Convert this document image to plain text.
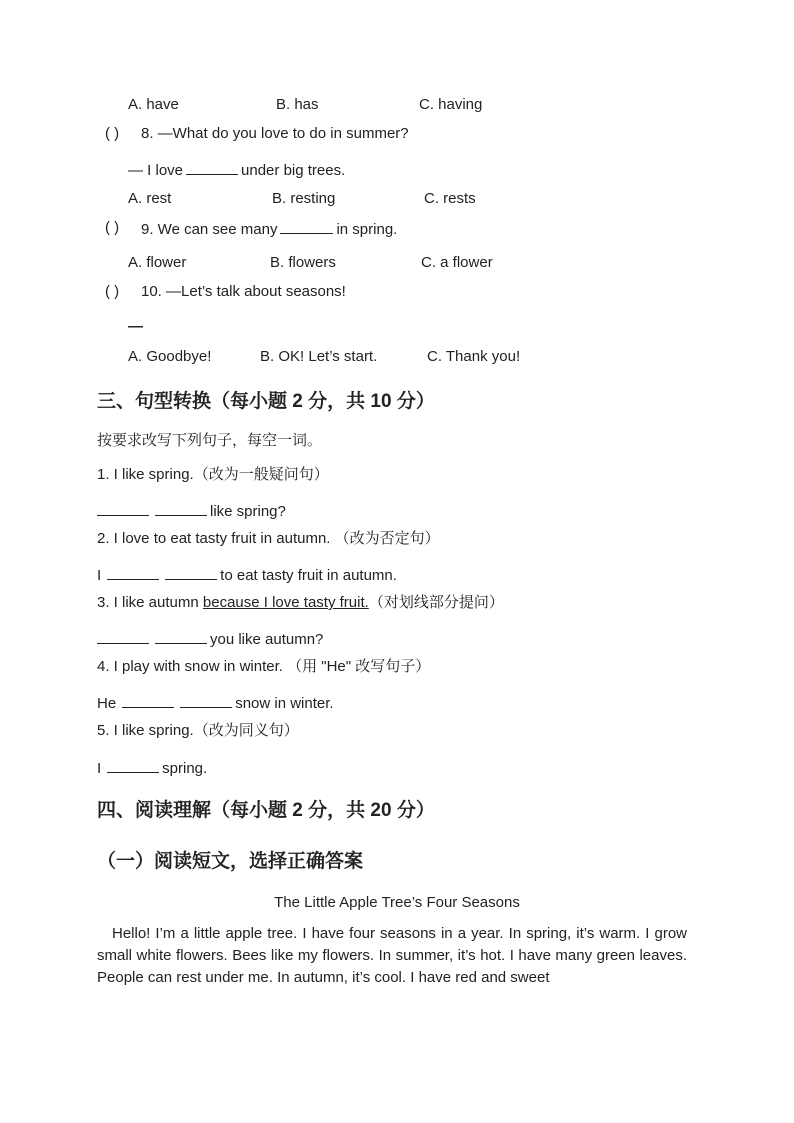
A. have	B. has	C. having
( ) 8. —What do you love to do in summer?
— I love	under big trees.
A. rest	B. resting	C. rests
( ) 9. We can see many	in spring.
A. flower	B. flowers	C. a flower
( ) 10. —Let’s talk about seasons!
—
A. Goodbye!	B. OK! Let’s start.	C. Thank you!
三、句型转换（每小题 2 分，共 10 分）
按要求改写下列句子，每空一词。
1. I like spring.（改为一般疑问句）
like spring?
2. I love to eat tasty fruit in autumn. （改为否定句）
I	to eat tasty fruit in autumn.
3. I like autumn because I love tasty fruit.（对划线部分提问）
you like autumn?
4. I play with snow in winter. （用 "He" 改写句子）
He	snow in winter.
5. I like spring.（改为同义句）
I	spring.
四、阅读理解（每小题 2 分，共 20 分）
（一）阅读短文，选择正确答案
The Little Apple Tree’s Four Seasons
Hello! I’m a little apple tree. I have four seasons in a year. In spring, it’s warm. I grow small white flowers. Bees like my flowers. In summer, it’s hot. I have many green leaves. People can rest under me. In autumn, it’s cool. I have red and sweet
